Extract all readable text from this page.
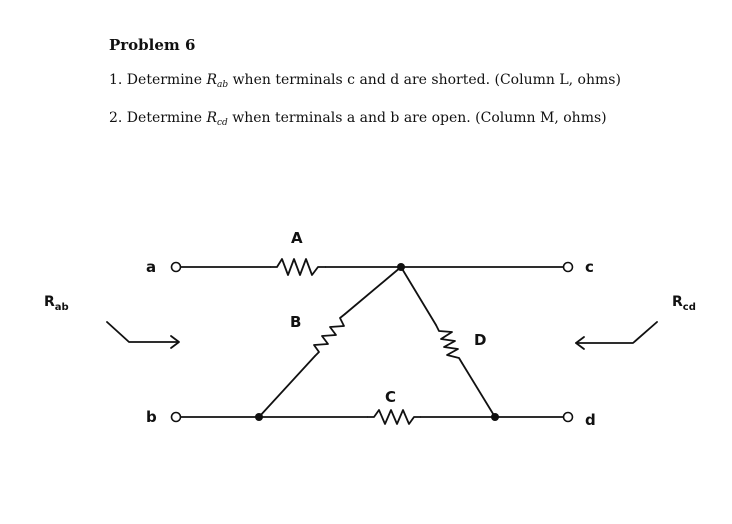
Problem 6
1. Determine $R_{ab}$ when terminals c and d are shorted. (Column L, ohms)
2. Determine $R_{cd}$ when terminals a and b are open. (Column M, ohms)
a
b
c
d
A
B
C
D
$R_{ab}$	$R_{cd}$
